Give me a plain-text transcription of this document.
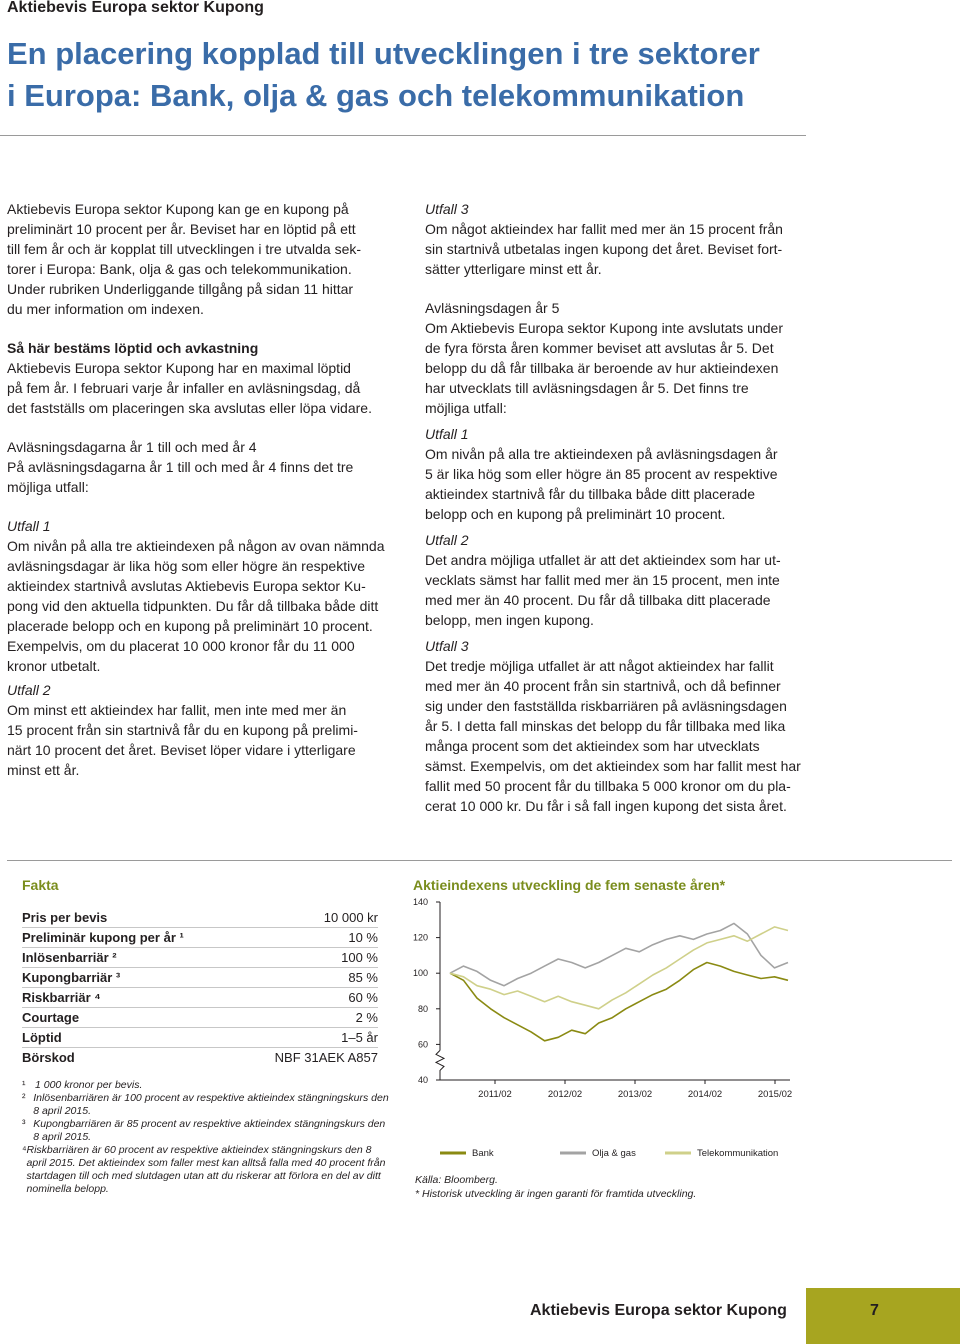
Aktiebevis Europa sektor Kupong
En placering kopplad till utvecklingen i tre sektorer
i Europa: Bank, olja & gas och telekommunikation

Aktiebevis Europa sektor Kupong kan ge en kupong på

preliminärt 10 procent per år. Beviset har en löptid på ett

till fem år och är kopplat till utvecklingen i tre utvalda sek-

torer i Europa: Bank, olja & gas och telekommunikation.

Under rubriken Underliggande tillgång på sidan 11 hittar

du mer information om indexen.

Så här bestäms löptid och avkastning

Aktiebevis Europa sektor Kupong har en maximal löptid

på fem år. I februari varje år infaller en avläsningsdag, då

det fastställs om placeringen ska avslutas eller löpa vidare.

Avläsningsdagarna år 1 till och med år 4

På avläsningsdagarna år 1 till och med år 4 finns det tre

möjliga utfall:

Utfall 1

Om nivån på alla tre aktieindexen på någon av ovan nämnda

avläsningsdagar är lika hög som eller högre än respektive

aktieindex startnivå avslutas Aktiebevis Europa sektor Ku-

pong vid den aktuella tidpunkten. Du får då tillbaka både ditt

placerade belopp och en kupong på preliminärt 10 procent.

Exempelvis, om du placerat 10 000 kronor får du 11 000

kronor utbetalt.

Utfall 2

Om minst ett aktieindex har fallit, men inte med mer än

15 procent från sin startnivå får du en kupong på prelimi-

närt 10 procent det året. Beviset löper vidare i ytterligare

minst ett år.

Utfall 3

Om något aktieindex har fallit med mer än 15 procent från

sin startnivå utbetalas ingen kupong det året. Beviset fort-

sätter ytterligare minst ett år.

Avläsningsdagen år 5

Om Aktiebevis Europa sektor Kupong inte avslutats under

de fyra första åren kommer beviset att avslutas år 5. Det

belopp du då får tillbaka är beroende av hur aktieindexen

har utvecklats till avläsningsdagen år 5. Det finns tre

möjliga utfall:

Utfall 1

Om nivån på alla tre aktieindexen på avläsningsdagen år

5 är lika hög som eller högre än 85 procent av respektive

aktieindex startnivå får du tillbaka både ditt placerade

belopp och en kupong på preliminärt 10 procent.

Utfall 2

Det andra möjliga utfallet är att det aktieindex som har ut-

vecklats sämst har fallit med mer än 15 procent, men inte

med mer än 40 procent. Du får då tillbaka ditt placerade

belopp, men ingen kupong.

Utfall 3

Det tredje möjliga utfallet är att något aktieindex har fallit

med mer än 40 procent från sin startnivå, och då befinner

sig under den fastställda riskbarriären på avläsningsdagen

år 5. I detta fall minskas det belopp du får tillbaka med lika

många procent som det aktieindex som har utvecklats

sämst. Exempelvis, om det aktieindex som har fallit mest har

fallit med 50 procent får du tillbaka 5 000 kronor om du pla-

cerat 10 000 kr. Du får i så fall ingen kupong det sista året.

Fakta
Pris per bevis	10 000 kr
Preliminär kupong per år ¹	10 %
Inlösenbarriär ²	100 %
Kupongbarriär ³	85 %
Riskbarriär ⁴	60 %
Courtage	2 %
Löptid	1–5 år
Börskod	NBF 31AEK A857
¹ 1 000 kronor per bevis.
² Inlösenbarriären är 100 procent av respektive aktieindex stängningskurs den 8 april 2015.
³ Kupongbarriären är 85 procent av respektive aktieindex stängningskurs den 8 april 2015.
⁴ Riskbarriären är 60 procent av respektive aktieindex stängningskurs den 8 april 2015. Det aktieindex som faller mest kan alltså falla med 40 procent från startdagen till och med slutdagen utan att du riskerar att förlora en del av ditt nominella belopp.
Aktieindexens utveckling de fem senaste åren*
40
60
80
100
120
140
2011/02	2012/02	2013/02	2014/02	2015/02
Bank	Olja & gas	Telekommunikation
Källa: Bloomberg.
* Historisk utveckling är ingen garanti för framtida utveckling.
Aktiebevis Europa sektor Kupong	7
